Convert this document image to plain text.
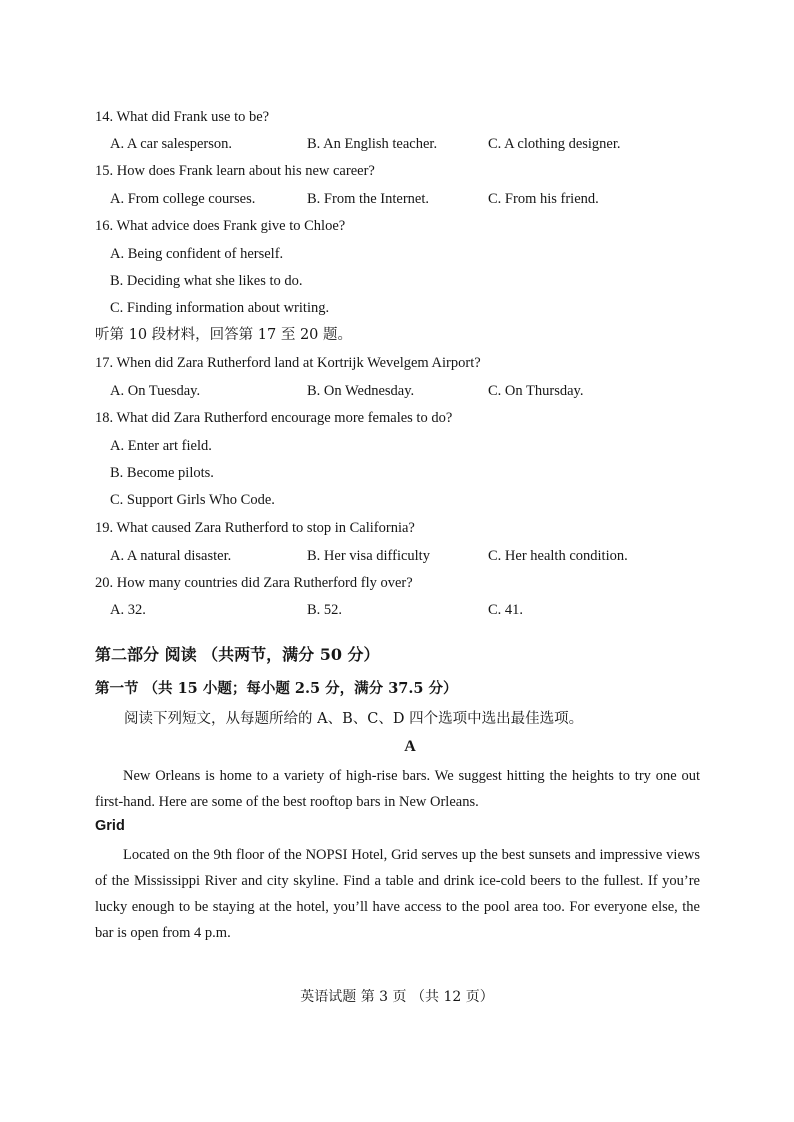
14. What did Frank use to be?
A. A car salesperson.	B. An English teacher.	C. A clothing designer.
15. How does Frank learn about his new career?
A. From college courses.	B. From the Internet.	C. From his friend.
16. What advice does Frank give to Chloe?
A. Being confident of herself.
B. Deciding what she likes to do.
C. Finding information about writing.
听第 10 段材料，回答第 17 至 20 题。
17. When did Zara Rutherford land at Kortrijk Wevelgem Airport?
A. On Tuesday.	B. On Wednesday.	C. On Thursday.
18. What did Zara Rutherford encourage more females to do?
A. Enter art field.
B. Become pilots.
C. Support Girls Who Code.
19. What caused Zara Rutherford to stop in California?
A. A natural disaster.	B. Her visa difficulty	C. Her health condition.
20. How many countries did Zara Rutherford fly over?
A. 32.	B. 52.	C. 41.
第二部分 阅读 （共两节，满分 50 分）
第一节 （共 15 小题；每小题 2.5 分，满分 37.5 分）
阅读下列短文，从每题所给的 A、B、C、D 四个选项中选出最佳选项。
A
New Orleans is home to a variety of high-rise bars. We suggest hitting the heights to try one out first-hand. Here are some of the best rooftop bars in New Orleans.
Grid
Located on the 9th floor of the NOPSI Hotel, Grid serves up the best sunsets and impressive views of the Mississippi River and city skyline. Find a table and drink ice-cold beers to the fullest. If you’re lucky enough to be staying at the hotel, you’ll have access to the pool area too. For everyone else, the bar is open from 4 p.m.
英语试题 第 3 页 （共 12 页）
